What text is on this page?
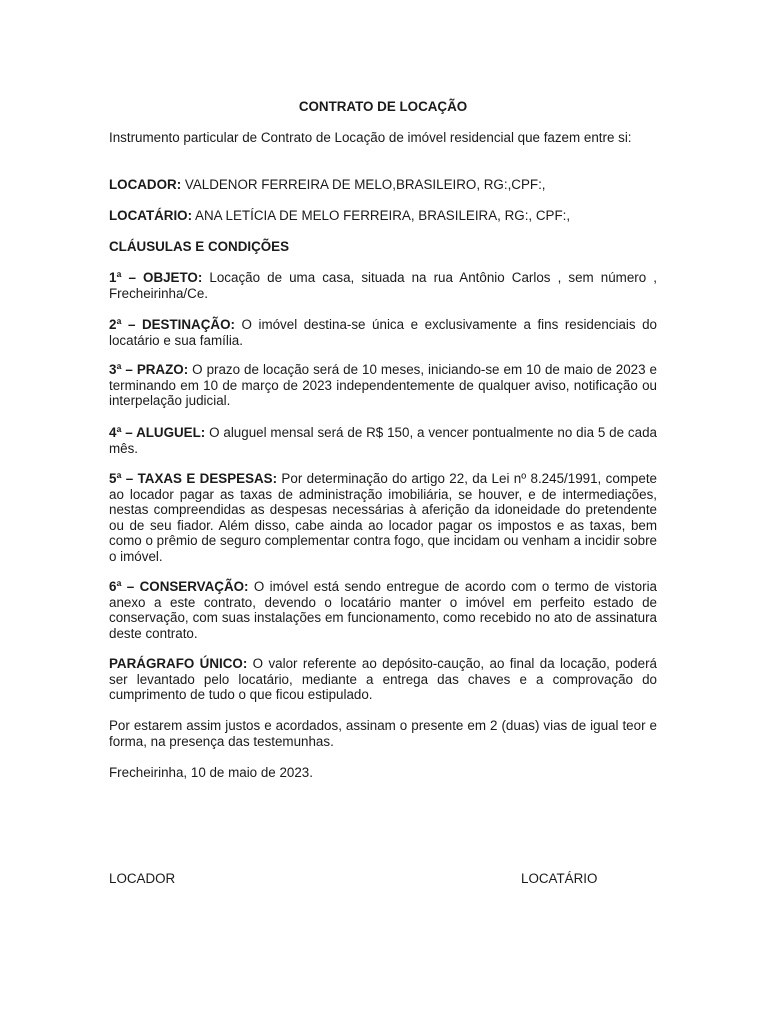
CONTRATO DE LOCAÇÃO

Instrumento particular de Contrato de Locação de imóvel residencial que fazem entre si:

LOCADOR: VALDENOR FERREIRA DE MELO,BRASILEIRO, RG:,CPF:,

LOCATÁRIO: ANA LETÍCIA DE MELO FERREIRA, BRASILEIRA, RG:, CPF:,

CLÁUSULAS E CONDIÇÕES

1ª – OBJETO: Locação de uma casa, situada na rua Antônio Carlos , sem número , Frecheirinha/Ce.

2ª – DESTINAÇÃO: O imóvel destina-se única e exclusivamente a fins residenciais do locatário e sua família.

3ª – PRAZO: O prazo de locação será de 10 meses, iniciando-se em 10 de maio de 2023 e terminando em 10 de março de 2023 independentemente de qualquer aviso, notificação ou interpelação judicial.

4ª – ALUGUEL: O aluguel mensal será de R$ 150, a vencer pontualmente no dia 5 de cada mês.

5ª – TAXAS E DESPESAS: Por determinação do artigo 22, da Lei nº 8.245/1991, compete ao locador pagar as taxas de administração imobiliária, se houver, e de intermediações, nestas compreendidas as despesas necessárias à aferição da idoneidade do pretendente ou de seu fiador. Além disso, cabe ainda ao locador pagar os impostos e as taxas, bem como o prêmio de seguro complementar contra fogo, que incidam ou venham a incidir sobre o imóvel.

6ª – CONSERVAÇÃO: O imóvel está sendo entregue de acordo com o termo de vistoria anexo a este contrato, devendo o locatário manter o imóvel em perfeito estado de conservação, com suas instalações em funcionamento, como recebido no ato de assinatura deste contrato.

PARÁGRAFO ÚNICO: O valor referente ao depósito-caução, ao final da locação, poderá ser levantado pelo locatário, mediante a entrega das chaves e a comprovação do cumprimento de tudo o que ficou estipulado.

Por estarem assim justos e acordados, assinam o presente em 2 (duas) vias de igual teor e forma, na presença das testemunhas.

Frecheirinha, 10 de maio de 2023.

LOCADOR	LOCATÁRIO
